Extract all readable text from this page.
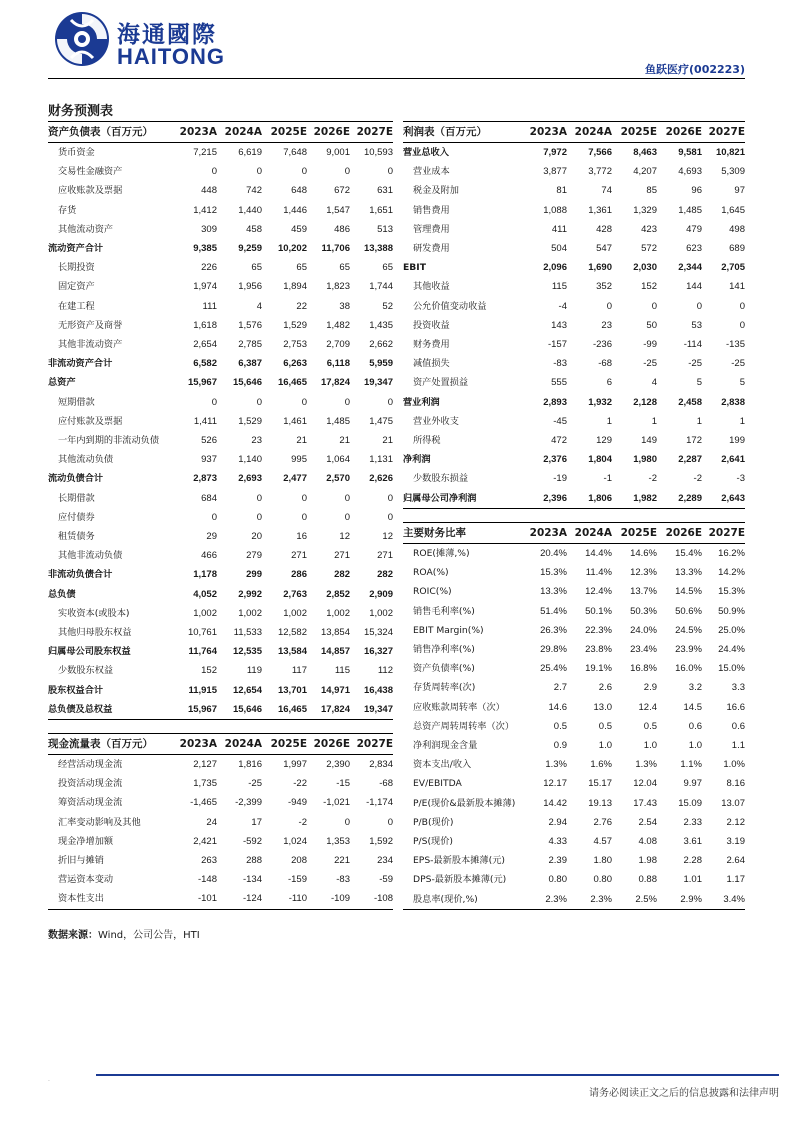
海通國際
HAITONG
鱼跃医疗(002223)
财务预测表
资产负债表（百万元）	2023A	2024A	2025E	2026E	2027E
货币资金	7,215	6,619	7,648	9,001	10,593
交易性金融资产	0	0	0	0	0
应收账款及票据	448	742	648	672	631
存货	1,412	1,440	1,446	1,547	1,651
其他流动资产	309	458	459	486	513
流动资产合计	9,385	9,259	10,202	11,706	13,388
长期投资	226	65	65	65	65
固定资产	1,974	1,956	1,894	1,823	1,744
在建工程	111	4	22	38	52
无形资产及商誉	1,618	1,576	1,529	1,482	1,435
其他非流动资产	2,654	2,785	2,753	2,709	2,662
非流动资产合计	6,582	6,387	6,263	6,118	5,959
总资产	15,967	15,646	16,465	17,824	19,347
短期借款	0	0	0	0	0
应付账款及票据	1,411	1,529	1,461	1,485	1,475
一年内到期的非流动负债	526	23	21	21	21
其他流动负债	937	1,140	995	1,064	1,131
流动负债合计	2,873	2,693	2,477	2,570	2,626
长期借款	684	0	0	0	0
应付债券	0	0	0	0	0
租赁债务	29	20	16	12	12
其他非流动负债	466	279	271	271	271
非流动负债合计	1,178	299	286	282	282
总负债	4,052	2,992	2,763	2,852	2,909
实收资本(或股本)	1,002	1,002	1,002	1,002	1,002
其他归母股东权益	10,761	11,533	12,582	13,854	15,324
归属母公司股东权益	11,764	12,535	13,584	14,857	16,327
少数股东权益	152	119	117	115	112
股东权益合计	11,915	12,654	13,701	14,971	16,438
总负债及总权益	15,967	15,646	16,465	17,824	19,347
现金流量表（百万元）	2023A	2024A	2025E	2026E	2027E
经营活动现金流	2,127	1,816	1,997	2,390	2,834
投资活动现金流	1,735	-25	-22	-15	-68
筹资活动现金流	-1,465	-2,399	-949	-1,021	-1,174
汇率变动影响及其他	24	17	-2	0	0
现金净增加额	2,421	-592	1,024	1,353	1,592
折旧与摊销	263	288	208	221	234
营运资本变动	-148	-134	-159	-83	-59
资本性支出	-101	-124	-110	-109	-108
利润表（百万元）	2023A	2024A	2025E	2026E	2027E
营业总收入	7,972	7,566	8,463	9,581	10,821
营业成本	3,877	3,772	4,207	4,693	5,309
税金及附加	81	74	85	96	97
销售费用	1,088	1,361	1,329	1,485	1,645
管理费用	411	428	423	479	498
研发费用	504	547	572	623	689
EBIT	2,096	1,690	2,030	2,344	2,705
其他收益	115	352	152	144	141
公允价值变动收益	-4	0	0	0	0
投资收益	143	23	50	53	0
财务费用	-157	-236	-99	-114	-135
减值损失	-83	-68	-25	-25	-25
资产处置损益	555	6	4	5	5
营业利润	2,893	1,932	2,128	2,458	2,838
营业外收支	-45	1	1	1	1
所得税	472	129	149	172	199
净利润	2,376	1,804	1,980	2,287	2,641
少数股东损益	-19	-1	-2	-2	-3
归属母公司净利润	2,396	1,806	1,982	2,289	2,643
主要财务比率	2023A	2024A	2025E	2026E	2027E
ROE(摊薄,%)	20.4%	14.4%	14.6%	15.4%	16.2%
ROA(%)	15.3%	11.4%	12.3%	13.3%	14.2%
ROIC(%)	13.3%	12.4%	13.7%	14.5%	15.3%
销售毛利率(%)	51.4%	50.1%	50.3%	50.6%	50.9%
EBIT Margin(%)	26.3%	22.3%	24.0%	24.5%	25.0%
销售净利率(%)	29.8%	23.8%	23.4%	23.9%	24.4%
资产负债率(%)	25.4%	19.1%	16.8%	16.0%	15.0%
存货周转率(次)	2.7	2.6	2.9	3.2	3.3
应收账款周转率（次）	14.6	13.0	12.4	14.5	16.6
总资产周转周转率（次）	0.5	0.5	0.5	0.6	0.6
净利润现金含量	0.9	1.0	1.0	1.0	1.1
资本支出/收入	1.3%	1.6%	1.3%	1.1%	1.0%
EV/EBITDA	12.17	15.17	12.04	9.97	8.16
P/E(现价&最新股本摊薄)	14.42	19.13	17.43	15.09	13.07
P/B(现价)	2.94	2.76	2.54	2.33	2.12
P/S(现价)	4.33	4.57	4.08	3.61	3.19
EPS-最新股本摊薄(元)	2.39	1.80	1.98	2.28	2.64
DPS-最新股本摊薄(元)	0.80	0.80	0.88	1.01	1.17
股息率(现价,%)	2.3%	2.3%	2.5%	2.9%	3.4%
数据来源：Wind，公司公告，HTI
.
请务必阅读正文之后的信息披露和法律声明
